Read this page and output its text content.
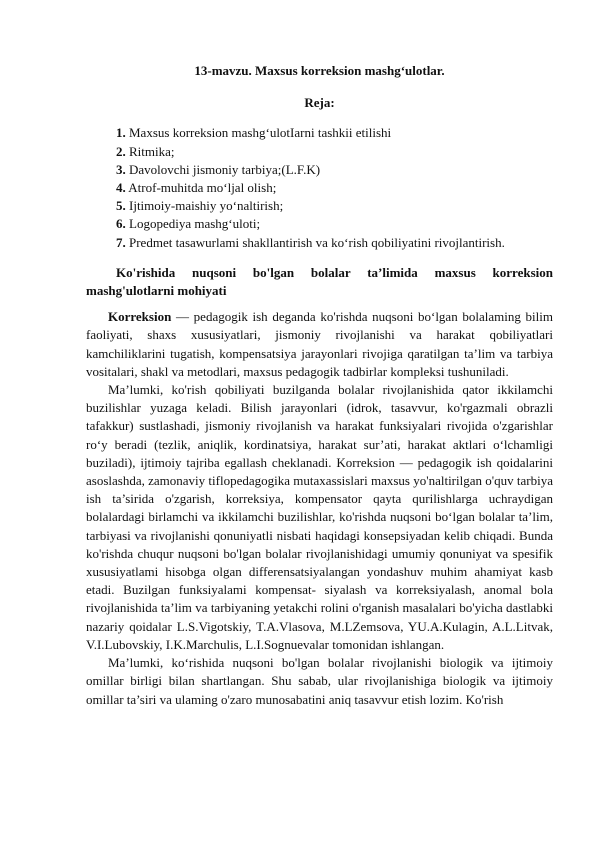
13-mavzu. Maxsus korreksion mashg‘ulotlar.
Reja:
1. Maxsus korreksion mashg‘ulotIarni tashkii etilishi
2. Ritmika;
3. Davolovchi jismoniy tarbiya;(L.F.K)
4. Atrof-muhitda mo‘ljal olish;
5. Ijtimoiy-maishiy yo‘naltirish;
6. Logopediya mashg‘uloti;
7. Predmet tasawurlami shakllantirish va ko‘rish qobiliyatini rivojlantirish.
Ko'rishida nuqsoni bo'lgan bolalar ta’limida maxsus korreksion mashg'ulotlarni mohiyati

Korreksion — pedagogik ish deganda ko'rishda nuqsoni bo‘lgan bolalaming bilim faoliyati, shaxs xususiyatlari, jismoniy rivojlanishi va harakat qobiliyatlari kamchiliklarini tugatish, kompensatsiya jarayonlari rivojiga qaratilgan ta’lim va tarbiya vositalari, shakl va metodlari, maxsus pedagogik tadbirlar kompleksi tushuniladi.

Ma’lumki, ko'rish qobiliyati buzilganda bolalar rivojlanishida qator ikkilamchi buzilishlar yuzaga keladi. Bilish jarayonlari (idrok, tasavvur, ko'rgazmali obrazli tafakkur) sustlashadi, jismoniy rivojlanish va harakat funksiyalari rivojida o'zgarishlar ro‘y beradi (tezlik, aniqlik, kordinatsiya, harakat sur’ati, harakat aktlari o‘lchamligi buziladi), ijtimoiy tajriba egallash cheklanadi. Korreksion — pedagogik ish qoidalarini asoslashda, zamonaviy tiflopedagogika mutaxassislari maxsus yo'naltirilgan o'quv tarbiya ish ta’sirida o'zgarish, korreksiya, kompensator qayta qurilishlarga uchraydigan bolalardagi birlamchi va ikkilamchi buzilishlar, ko'rishda nuqsoni bo‘lgan bolalar ta’lim, tarbiyasi va rivojlanishi qonuniyatli nisbati haqidagi konsepsiyadan kelib chiqadi. Bunda ko'rishda chuqur nuqsoni bo'lgan bolalar rivojlanishidagi umumiy qonuniyat va spesifik xususiyatlami hisobga olgan differensatsiyalangan yondashuv muhim ahamiyat kasb etadi. Buzilgan funksiyalami kompensat- siyalash va korreksiyalash, anomal bola rivojlanishida ta’lim va tarbiyaning yetakchi rolini o'rganish masalalari bo'yicha dastlabki nazariy qoidalar L.S.Vigotskiy, T.A.Vlasova, M.LZemsova, YU.A.Kulagin, A.L.Litvak, V.I.Lubovskiy, I.K.Marchulis, L.I.Sognuevalar tomonidan ishlangan.

Ma’lumki, ko‘rishida nuqsoni bo'lgan bolalar rivojlanishi biologik va ijtimoiy omillar birligi bilan shartlangan. Shu sabab, ular rivojlanishiga biologik va ijtimoiy omillar ta’siri va ulaming o'zaro munosabatini aniq tasavvur etish lozim. Ko'rish
